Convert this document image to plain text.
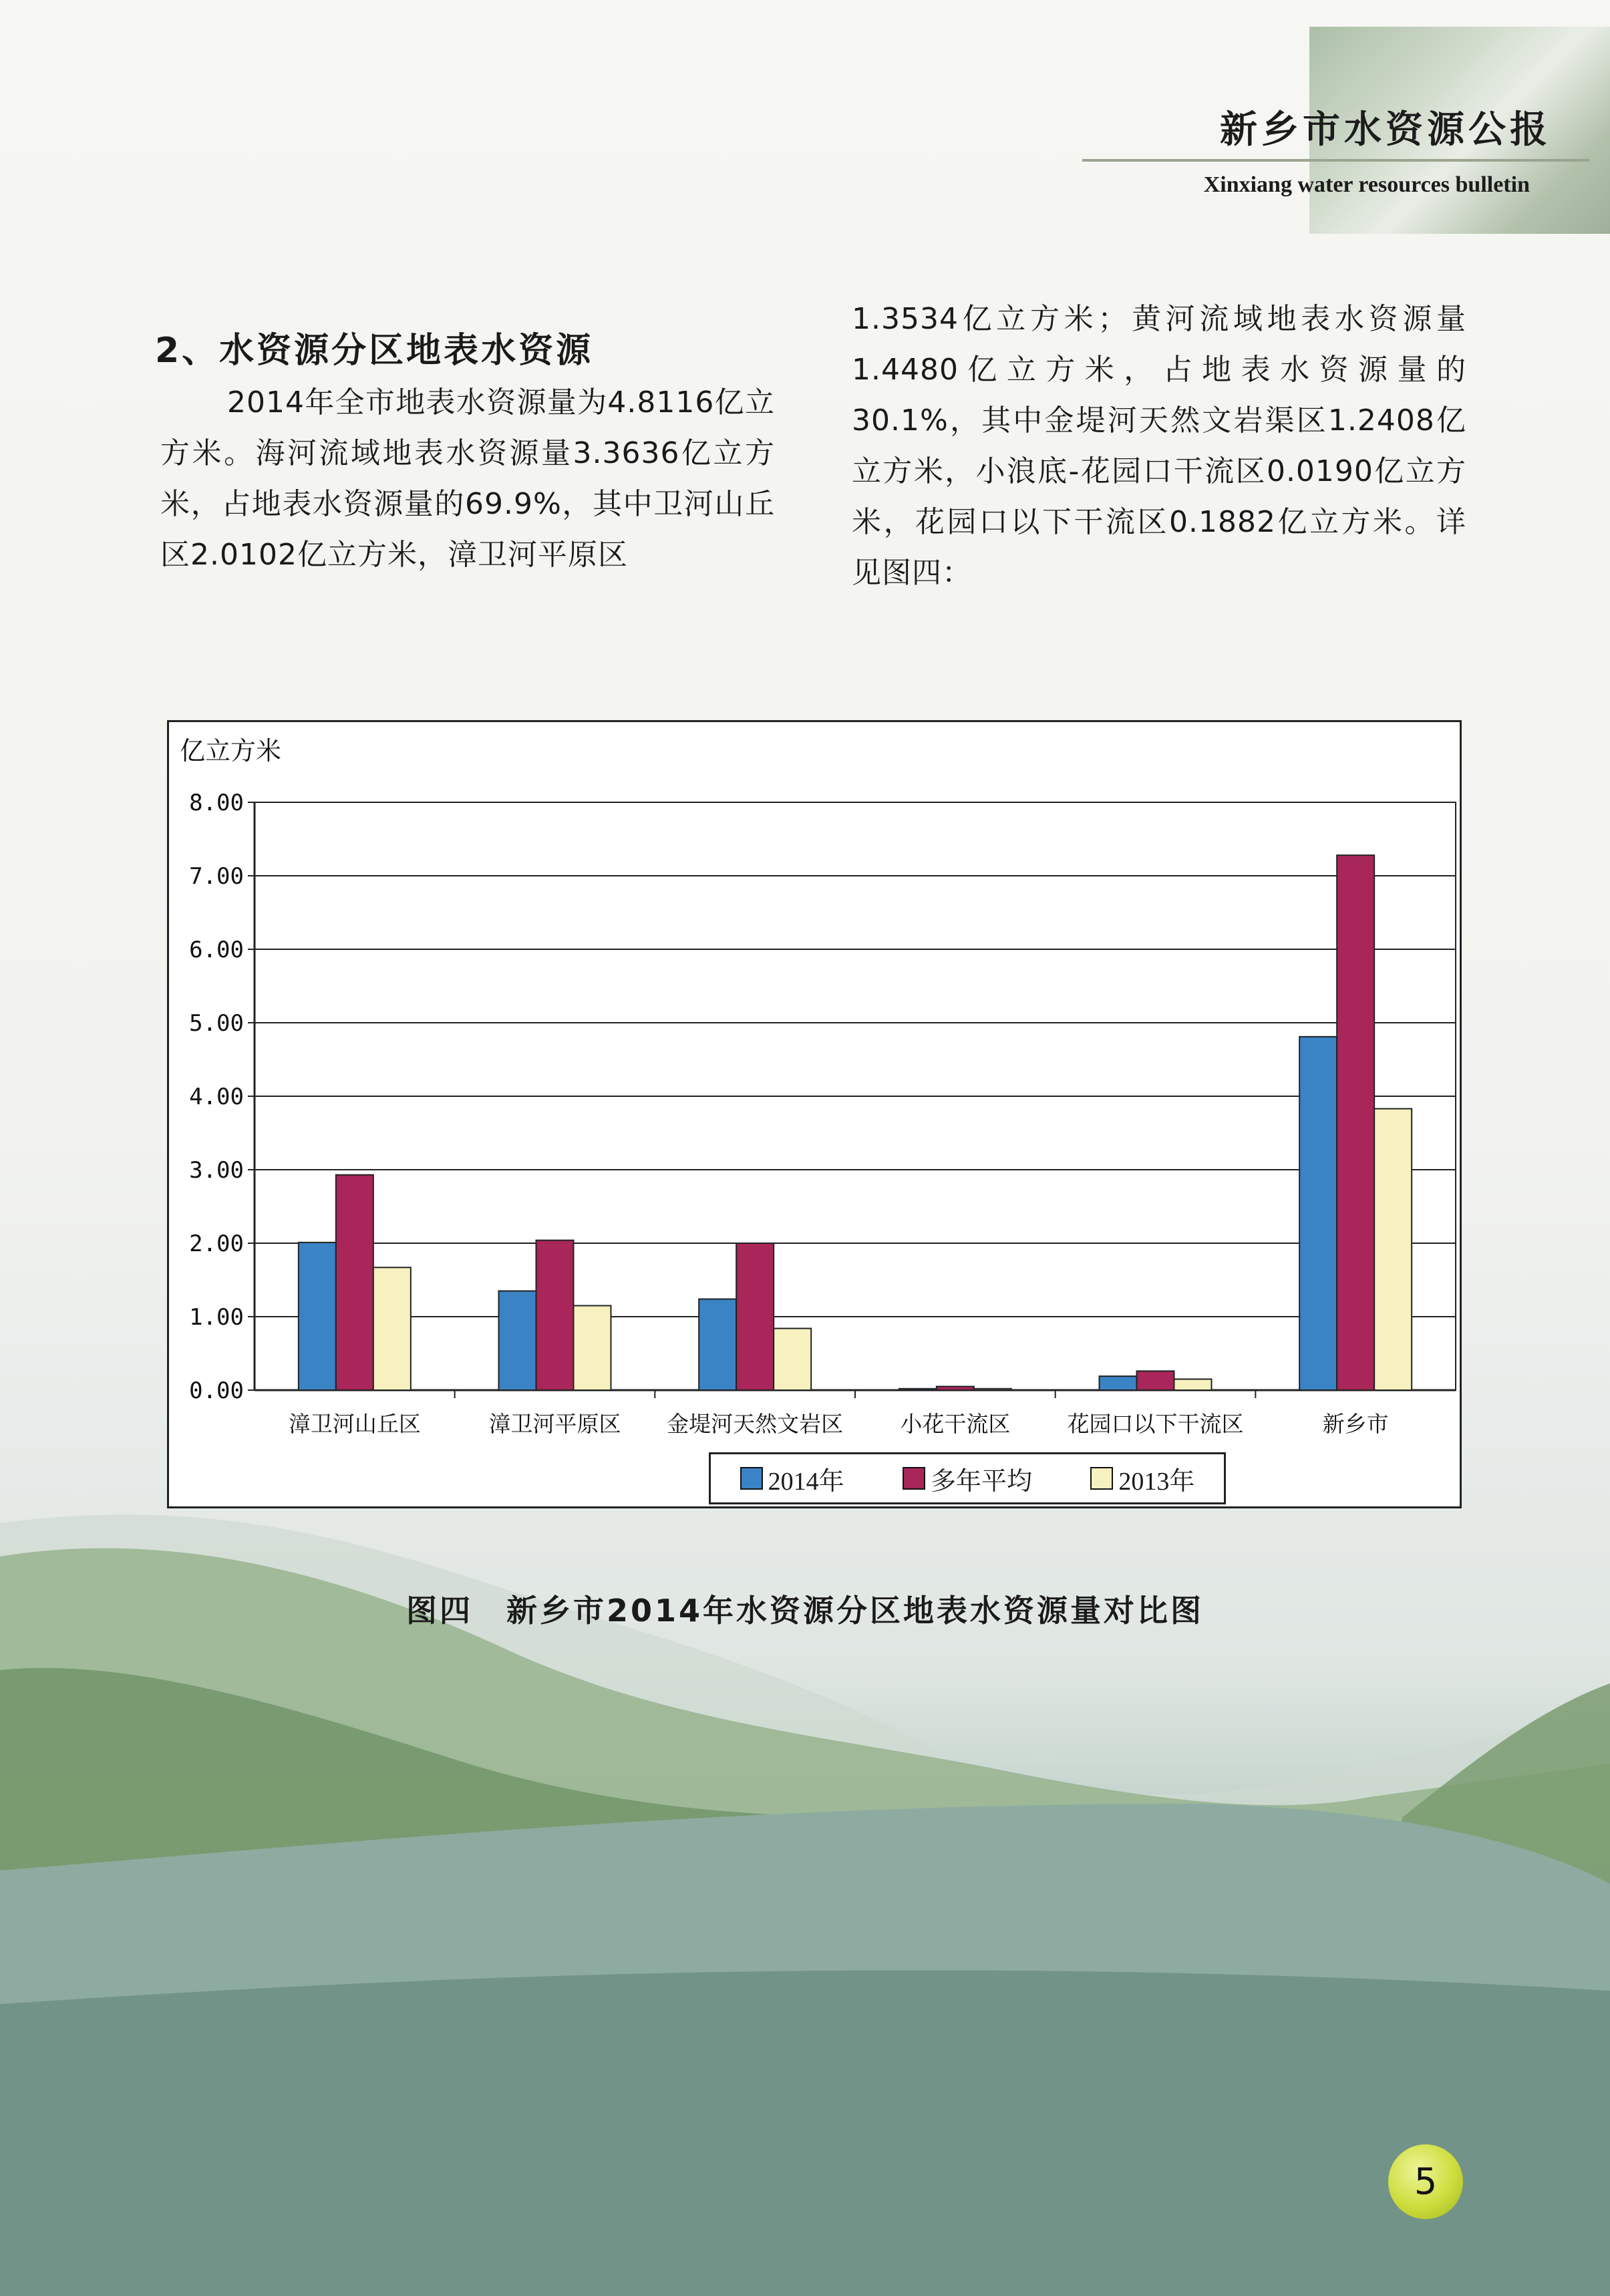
新乡市水资源公报
Xinxiang water resources bulletin
2、水资源分区地表水资源

2014年全市地表水资源量为4.8116亿立方米。海河流域地表水资源量3.3636亿立方米，占地表水资源量的69.9%，其中卫河山丘区2.0102亿立方米，漳卫河平原区

1.3534亿立方米；黄河流域地表水资源量1.4480亿立方米，占地表水资源量的30.1%，其中金堤河天然文岩渠区1.2408亿立方米，小浪底-花园口干流区0.0190亿立方米，花园口以下干流区0.1882亿立方米。详见图四：

亿立方米
0.00
1.00
2.00
3.00
4.00
5.00
6.00
7.00
8.00
漳卫河山丘区	漳卫河平原区 金堤河天然文岩区	小花干流区	花园口以下干流区	新乡市
2014年	多年平均	2013年
图四　新乡市2014年水资源分区地表水资源量对比图
5
